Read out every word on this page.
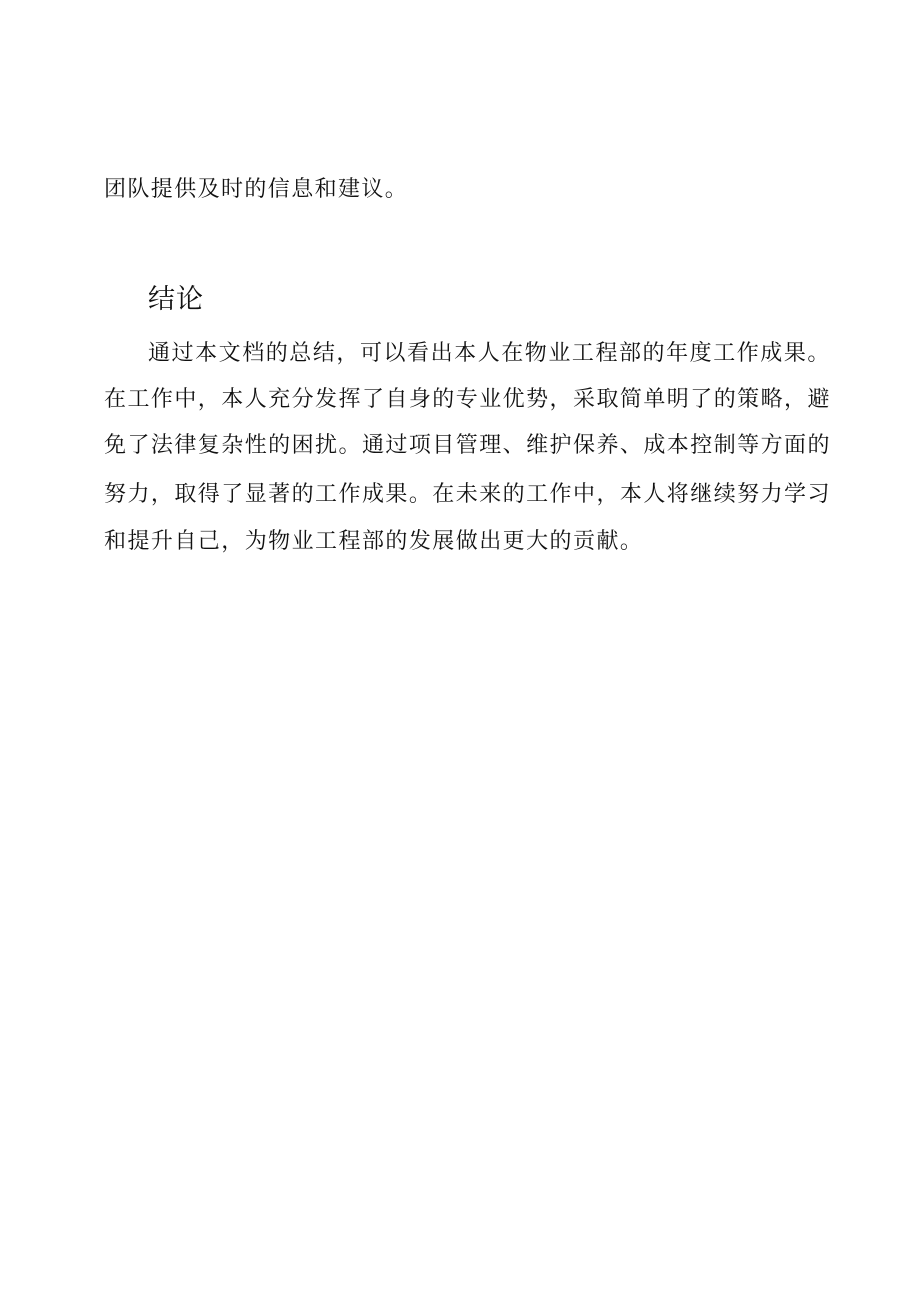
团队提供及时的信息和建议。
结论
通过本文档的总结，可以看出本人在物业工程部的年度工作成果。
在工作中，本人充分发挥了自身的专业优势，采取简单明了的策略，避
免了法律复杂性的困扰。通过项目管理、维护保养、成本控制等方面的
努力，取得了显著的工作成果。在未来的工作中，本人将继续努力学习
和提升自己，为物业工程部的发展做出更大的贡献。
